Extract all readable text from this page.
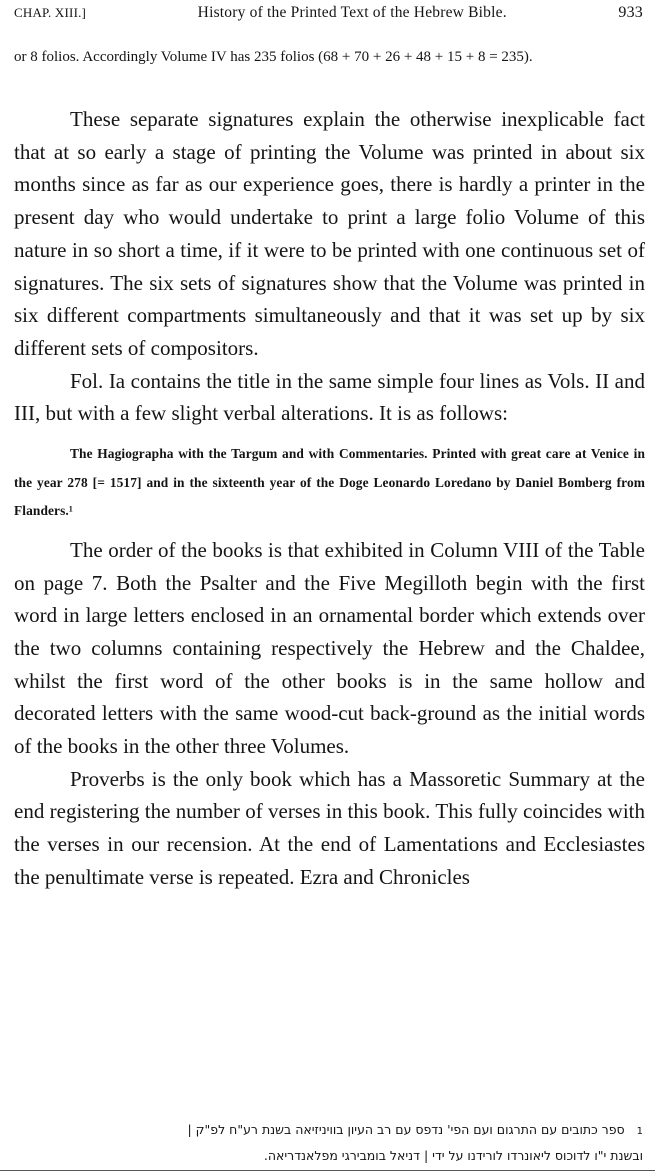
CHAP. XIII.]	History of the Printed Text of the Hebrew Bible.	933
or 8 folios. Accordingly Volume IV has 235 folios (68 + 70 + 26 + 48 + 15 + 8 = 235).

These separate signatures explain the otherwise inexplicable fact that at so early a stage of printing the Volume was printed in about six months since as far as our experience goes, there is hardly a printer in the present day who would undertake to print a large folio Volume of this nature in so short a time, if it were to be printed with one continuous set of signatures. The six sets of signatures show that the Volume was printed in six different compartments simultaneously and that it was set up by six different sets of compositors.

Fol. Ia contains the title in the same simple four lines as Vols. II and III, but with a few slight verbal alterations. It is as follows:

The Hagiographa with the Targum and with Commentaries. Printed with great care at Venice in the year 278 [= 1517] and in the sixteenth year of the Doge Leonardo Loredano by Daniel Bomberg from Flanders.¹

The order of the books is that exhibited in Column VIII of the Table on page 7. Both the Psalter and the Five Megilloth begin with the first word in large letters enclosed in an ornamental border which extends over the two columns containing respectively the Hebrew and the Chaldee, whilst the first word of the other books is in the same hollow and decorated letters with the same wood-cut back-ground as the initial words of the books in the other three Volumes.

Proverbs is the only book which has a Massoretic Summary at the end registering the number of verses in this book. This fully coincides with the verses in our recension. At the end of Lamentations and Ecclesiastes the penultimate verse is repeated. Ezra and Chronicles

1 ספר כתובים עם התרגום ועם הפי' נדפס עם רב העיון בוויניזיאה בשנת רע"ח לפ"ק |
ובשנת י"ו לדוכוס ליאונרדו לורידנו על ידי | דניאל בומבירגי מפלאנדריאה.
